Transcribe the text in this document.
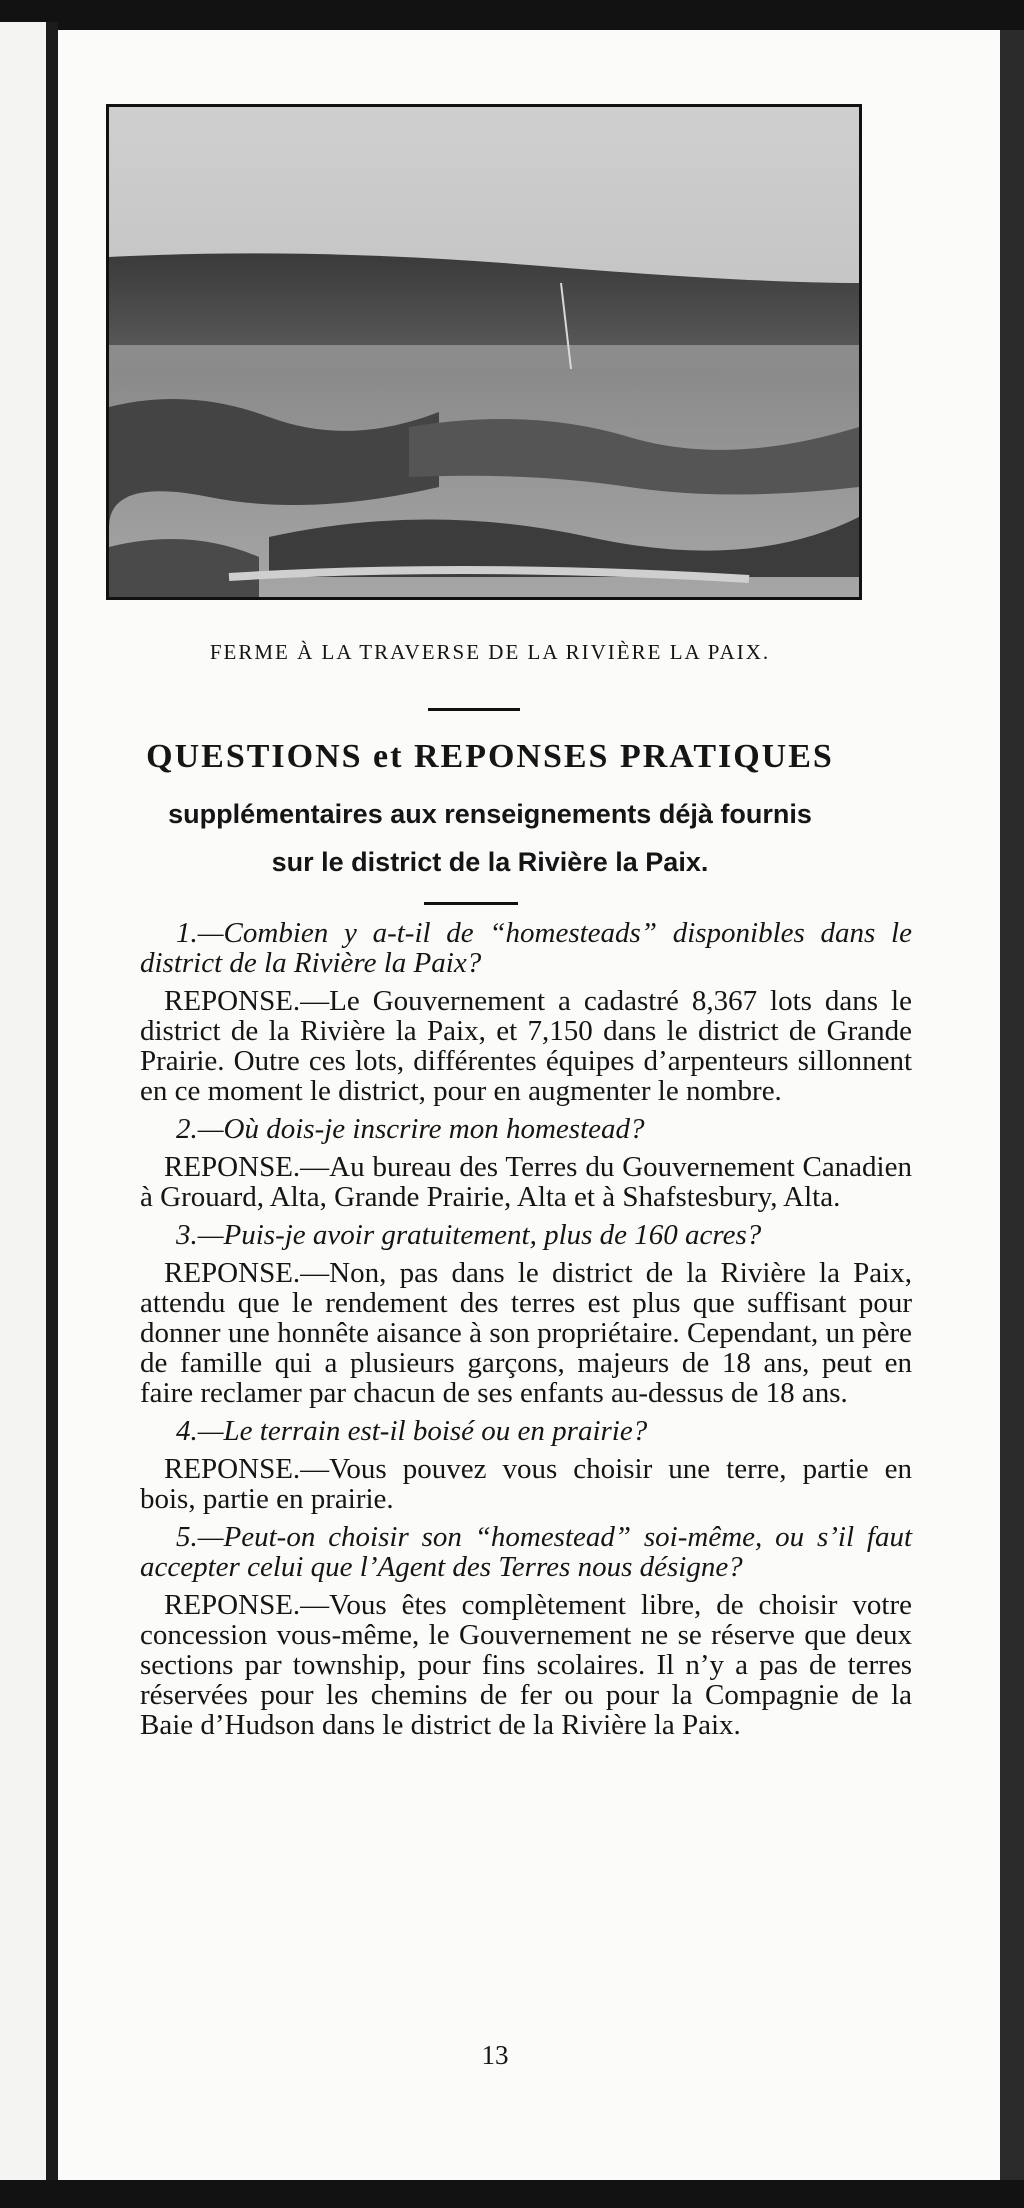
FERME À LA TRAVERSE DE LA RIVIÈRE LA PAIX.
QUESTIONS et REPONSES PRATIQUES
supplémentaires aux renseignements déjà fournis
sur le district de la Rivière la Paix.

1.—Combien y a-t-il de “homesteads” disponibles dans le district de la Rivière la Paix?

REPONSE.—Le Gouvernement a cadastré 8,367 lots dans le district de la Rivière la Paix, et 7,150 dans le district de Grande Prairie. Outre ces lots, différentes équipes d’arpenteurs sillonnent en ce moment le district, pour en augmenter le nombre.

2.—Où dois-je inscrire mon homestead?

REPONSE.—Au bureau des Terres du Gouvernement Canadien à Grouard, Alta, Grande Prairie, Alta et à Shafstesbury, Alta.

3.—Puis-je avoir gratuitement, plus de 160 acres?

REPONSE.—Non, pas dans le district de la Rivière la Paix, attendu que le rendement des terres est plus que suffisant pour donner une honnête aisance à son propriétaire. Cependant, un père de famille qui a plusieurs garçons, majeurs de 18 ans, peut en faire reclamer par chacun de ses enfants au-dessus de 18 ans.

4.—Le terrain est-il boisé ou en prairie?

REPONSE.—Vous pouvez vous choisir une terre, partie en bois, partie en prairie.

5.—Peut-on choisir son “homestead” soi-même, ou s’il faut accepter celui que l’Agent des Terres nous désigne?

REPONSE.—Vous êtes complètement libre, de choisir votre concession vous-même, le Gouvernement ne se réserve que deux sections par township, pour fins scolaires. Il n’y a pas de terres réservées pour les chemins de fer ou pour la Compagnie de la Baie d’Hudson dans le district de la Rivière la Paix.

13
